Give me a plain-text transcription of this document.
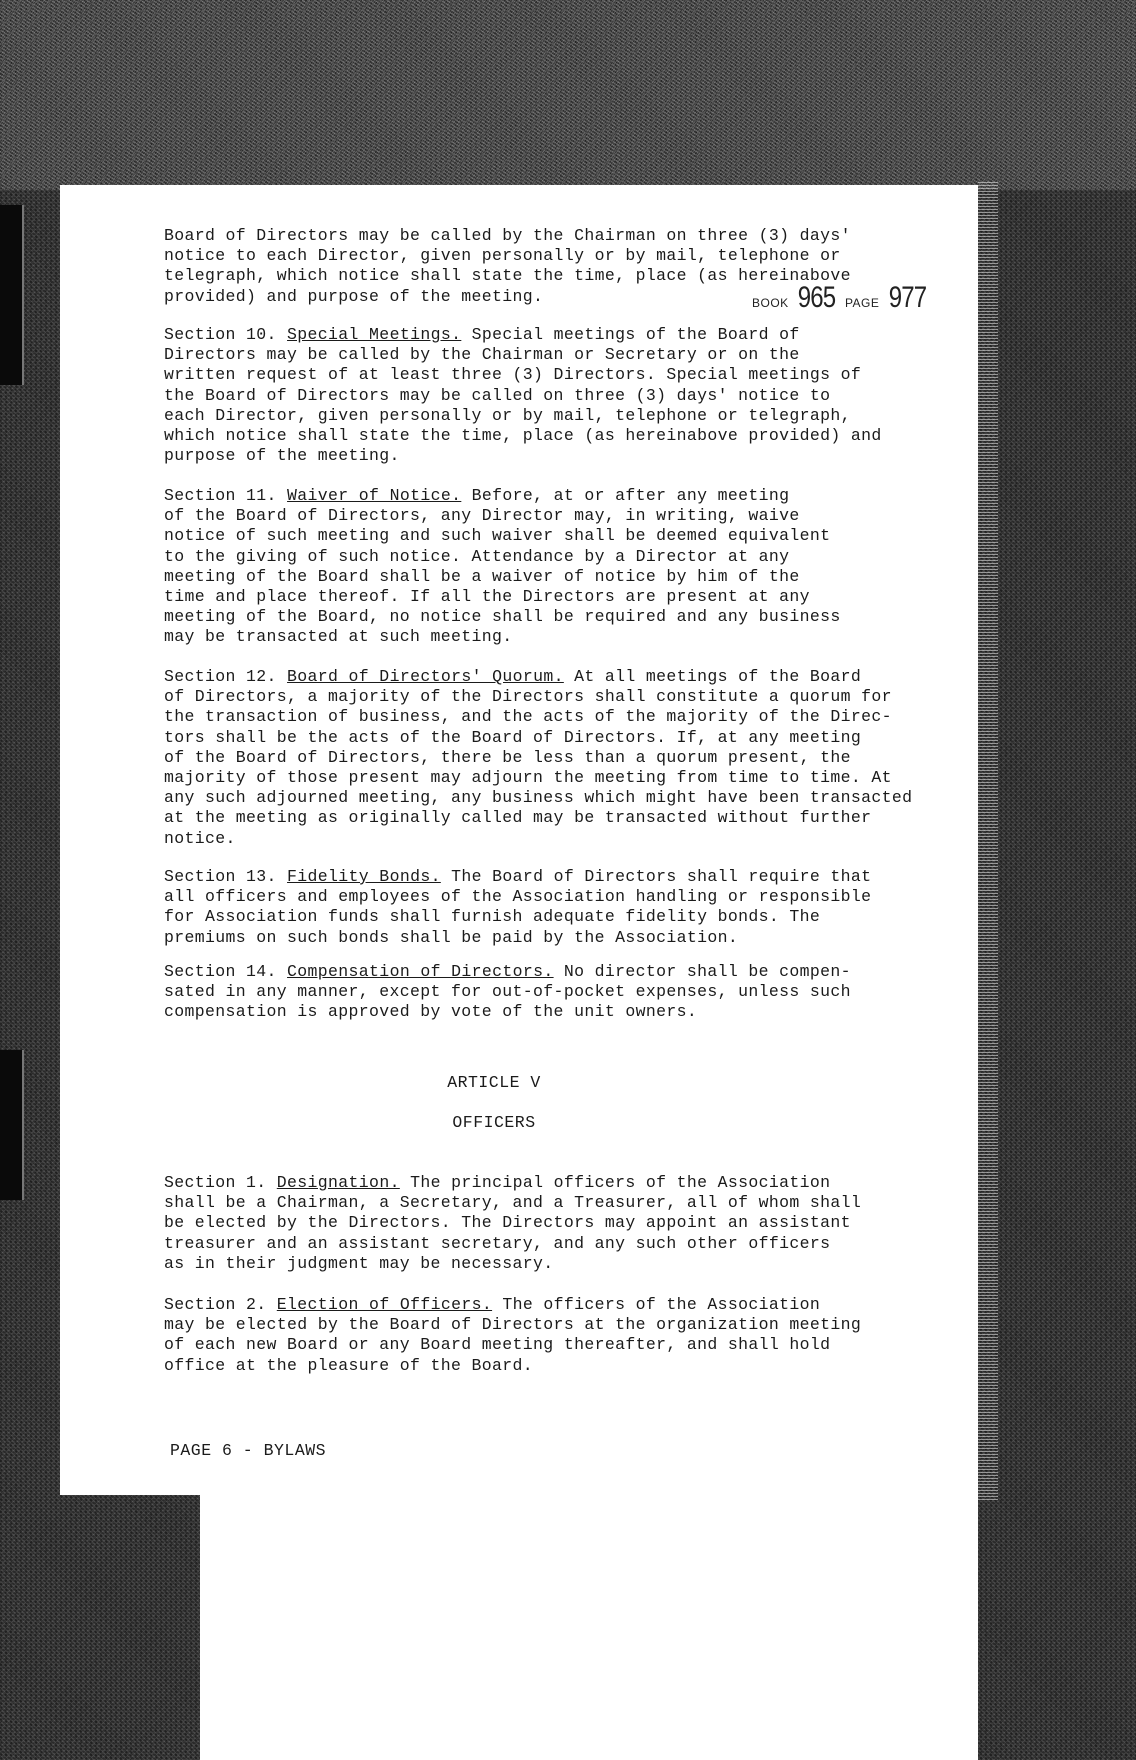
Board of Directors may be called by the Chairman on three (3) days'
notice to each Director, given personally or by mail, telephone or
telegraph, which notice shall state the time, place (as hereinabove
provided) and purpose of the meeting.	BOOK 965 PAGE 977
Section 10. Special Meetings. Special meetings of the Board of
Directors may be called by the Chairman or Secretary or on the
written request of at least three (3) Directors. Special meetings of
the Board of Directors may be called on three (3) days' notice to
each Director, given personally or by mail, telephone or telegraph,
which notice shall state the time, place (as hereinabove provided) and
purpose of the meeting.
Section 11. Waiver of Notice. Before, at or after any meeting
of the Board of Directors, any Director may, in writing, waive
notice of such meeting and such waiver shall be deemed equivalent
to the giving of such notice. Attendance by a Director at any
meeting of the Board shall be a waiver of notice by him of the
time and place thereof. If all the Directors are present at any
meeting of the Board, no notice shall be required and any business
may be transacted at such meeting.
Section 12. Board of Directors' Quorum. At all meetings of the Board
of Directors, a majority of the Directors shall constitute a quorum for
the transaction of business, and the acts of the majority of the Direc-
tors shall be the acts of the Board of Directors. If, at any meeting
of the Board of Directors, there be less than a quorum present, the
majority of those present may adjourn the meeting from time to time. At
any such adjourned meeting, any business which might have been transacted
at the meeting as originally called may be transacted without further
notice.
Section 13. Fidelity Bonds. The Board of Directors shall require that
all officers and employees of the Association handling or responsible
for Association funds shall furnish adequate fidelity bonds. The
premiums on such bonds shall be paid by the Association.
Section 14. Compensation of Directors. No director shall be compen-
sated in any manner, except for out-of-pocket expenses, unless such
compensation is approved by vote of the unit owners.
ARTICLE V
OFFICERS
Section 1. Designation. The principal officers of the Association
shall be a Chairman, a Secretary, and a Treasurer, all of whom shall
be elected by the Directors. The Directors may appoint an assistant
treasurer and an assistant secretary, and any such other officers
as in their judgment may be necessary.
Section 2. Election of Officers. The officers of the Association
may be elected by the Board of Directors at the organization meeting
of each new Board or any Board meeting thereafter, and shall hold
office at the pleasure of the Board.
PAGE 6 - BYLAWS
